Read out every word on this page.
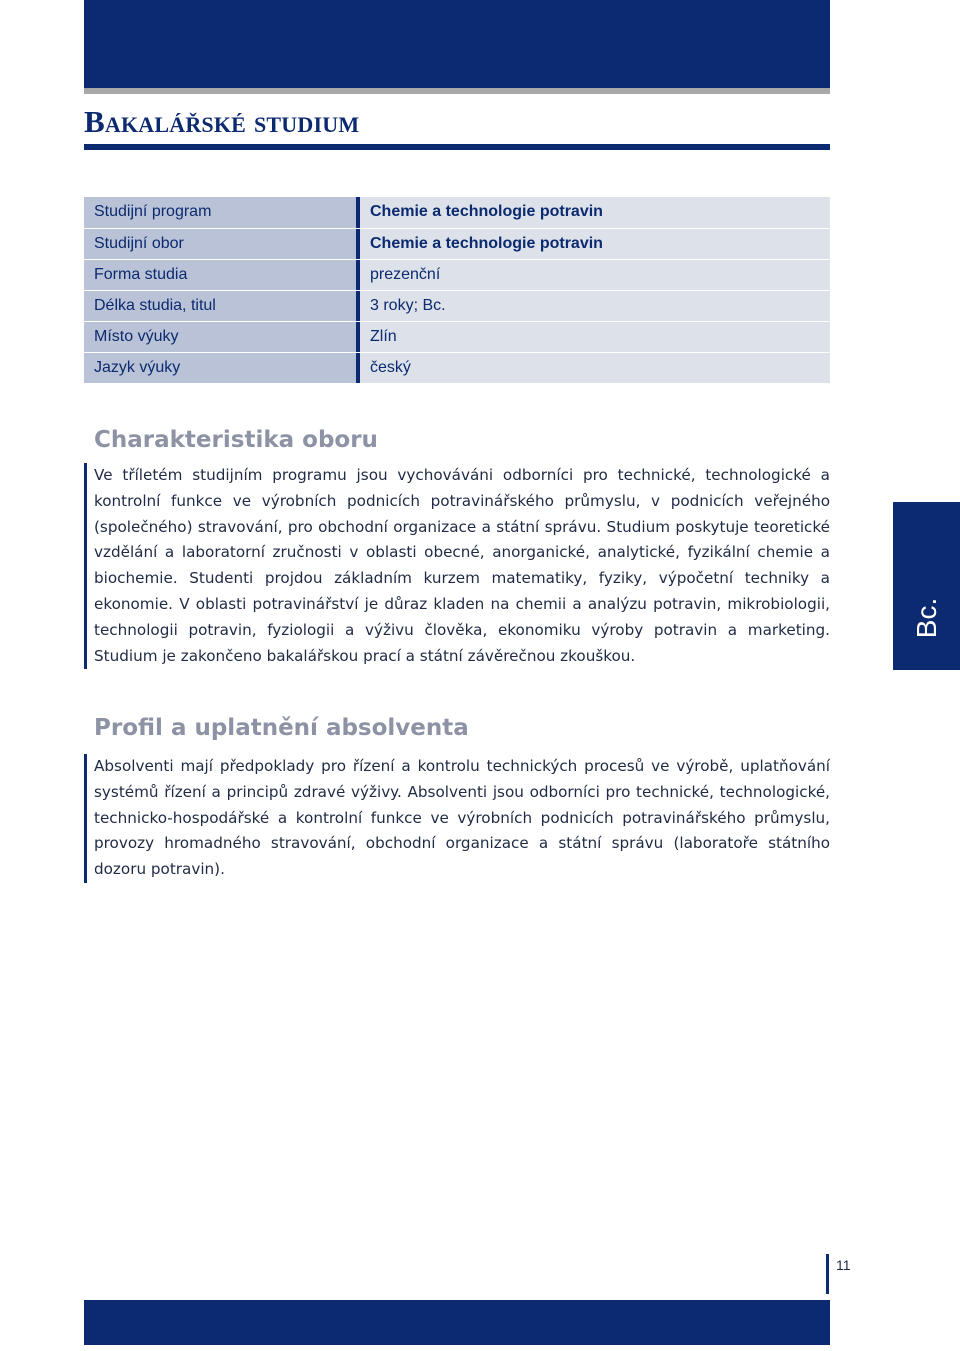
Bakalářské studium
Studijní program		Chemie a technologie potravin
Studijní obor		Chemie a technologie potravin
Forma studia		prezenční
Délka studia, titul		3 roky; Bc.
Místo výuky		Zlín
Jazyk výuky		český
Charakteristika oboru

Ve tříletém studijním programu jsou vychováváni odborníci pro technické, technologické a kontrolní funkce ve výrobních podnicích potravinářského průmyslu, v podnicích veřejného (společného) stravování, pro obchodní organizace a státní správu. Studium poskytuje teoretické vzdělání a laboratorní zručnosti v oblasti obecné, anorganické, analytické, fyzikální chemie a biochemie. Studenti projdou základním kurzem matematiky, fyziky, výpočetní techniky a ekonomie. V oblasti potravinářství je důraz kladen na chemii a analýzu potravin, mikrobiologii, technologii potravin, fyziologii a výživu člověka, ekonomiku výroby potravin a marketing. Studium je zakončeno bakalářskou prací a státní závěrečnou zkouškou.

Bc.
Profil a uplatnění absolventa

Absolventi mají předpoklady pro řízení a kontrolu technických procesů ve výrobě, uplatňování systémů řízení a principů zdravé výživy. Absolventi jsou odborníci pro technické, technologické, technicko-hospodářské a kontrolní funkce ve výrobních podnicích potravinářského průmyslu, provozy hromadného stravování, obchodní organizace a státní správu (laboratoře státního dozoru potravin).

11
